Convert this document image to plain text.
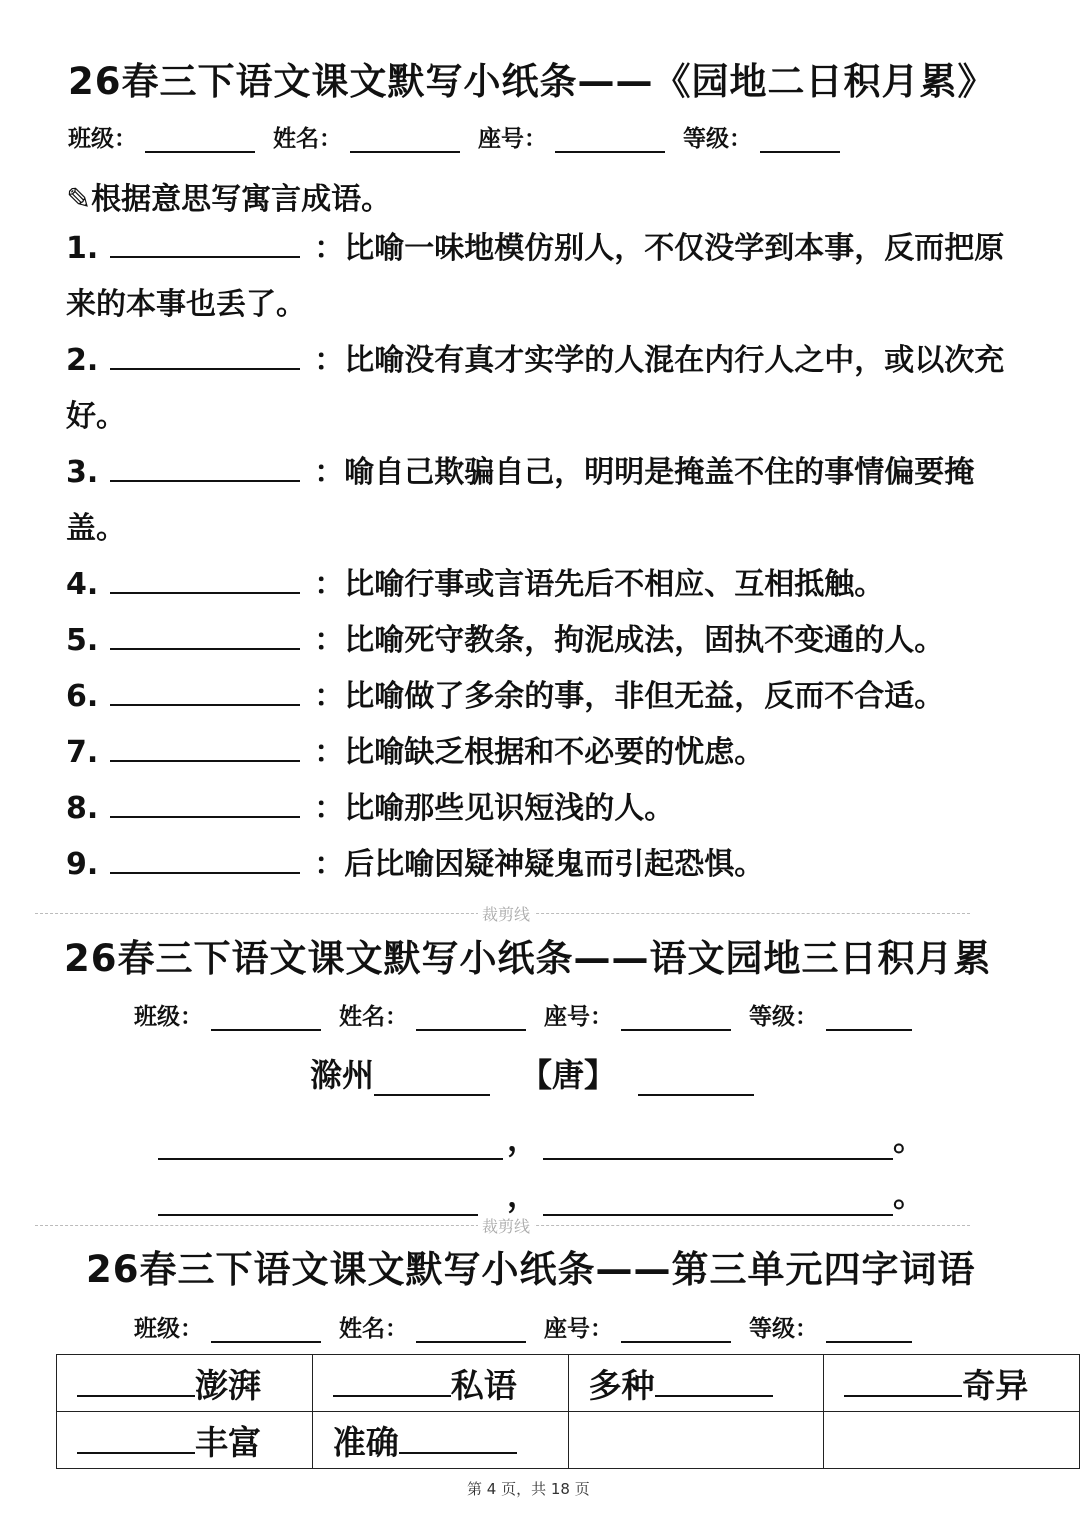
26春三下语文课文默写小纸条——《园地二日积月累》
班级：	姓名：	座号：	等级：
✎根据意思写寓言成语。
1.	：比喻一味地模仿别人，不仅没学到本事，反而把原来的本事也丢了。
2.	：比喻没有真才实学的人混在内行人之中，或以次充好。
3.	：喻自己欺骗自己，明明是掩盖不住的事情偏要掩盖。
4.	：比喻行事或言语先后不相应、互相抵触。
5.	：比喻死守教条，拘泥成法，固执不变通的人。
6.	：比喻做了多余的事，非但无益，反而不合适。
7.	：比喻缺乏根据和不必要的忧虑。
8.	：比喻那些见识短浅的人。
9.	：后比喻因疑神疑鬼而引起恐惧。
裁剪线
26春三下语文课文默写小纸条——语文园地三日积月累
班级：	姓名：	座号：	等级：
滁州	【唐】
，	。
，	。
裁剪线
26春三下语文课文默写小纸条——第三单元四字词语
班级：	姓名：	座号：	等级：
澎湃	私语	多种	奇异
丰富	准确		
第 4 页，共 18 页
